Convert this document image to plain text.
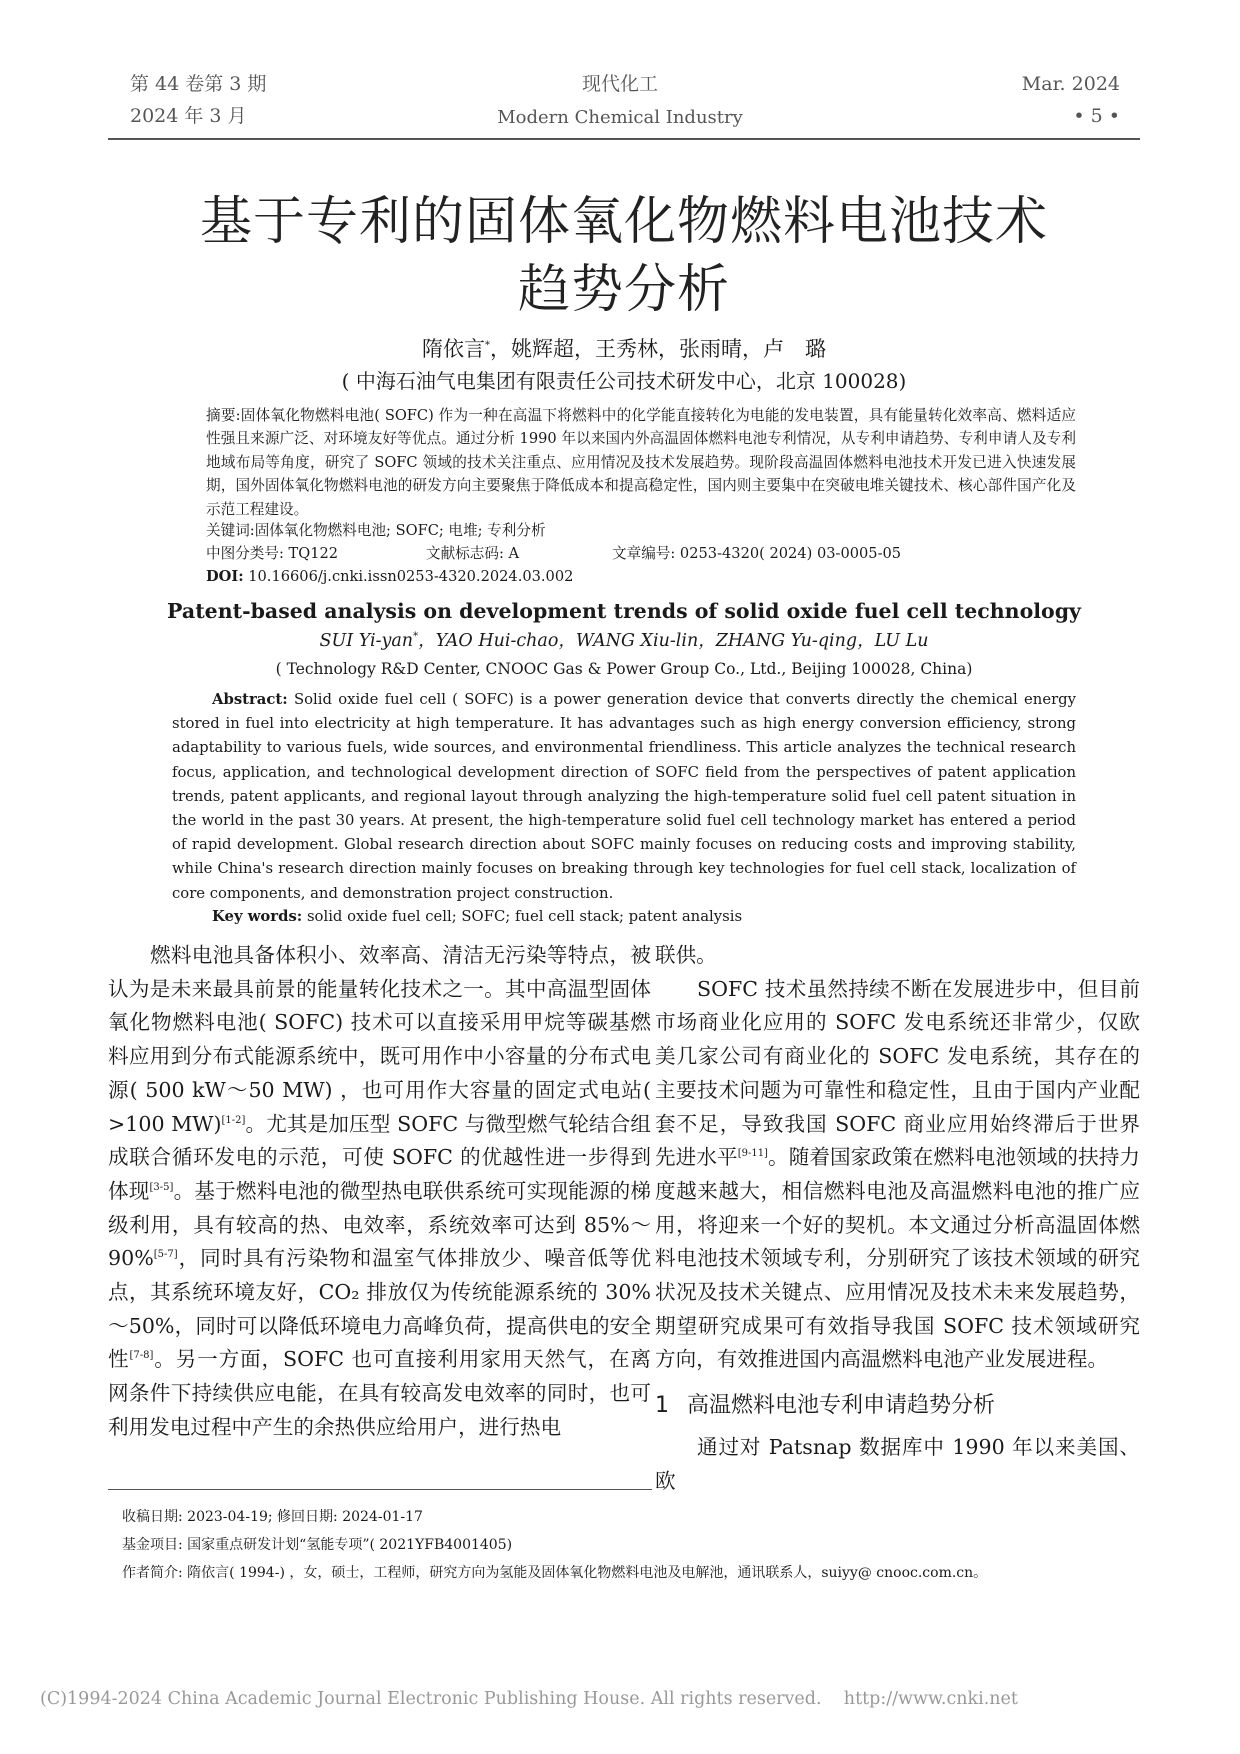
第 44 卷第 3 期
2024 年 3 月
现代化工
Modern Chemical Industry
Mar. 2024
• 5 •
基于专利的固体氧化物燃料电池技术
趋势分析
隋依言*，姚辉超，王秀林，张雨晴，卢　璐
( 中海石油气电集团有限责任公司技术研发中心，北京 100028)
摘要:固体氧化物燃料电池( SOFC) 作为一种在高温下将燃料中的化学能直接转化为电能的发电装置，具有能量转化效率高、燃料适应性强且来源广泛、对环境友好等优点。通过分析 1990 年以来国内外高温固体燃料电池专利情况，从专利申请趋势、专利申请人及专利地域布局等角度，研究了 SOFC 领域的技术关注重点、应用情况及技术发展趋势。现阶段高温固体燃料电池技术开发已进入快速发展期，国外固体氧化物燃料电池的研发方向主要聚焦于降低成本和提高稳定性，国内则主要集中在突破电堆关键技术、核心部件国产化及示范工程建设。
关键词:固体氧化物燃料电池; SOFC; 电堆; 专利分析
中图分类号: TQ122	文献标志码: A	文章编号: 0253-4320( 2024) 03-0005-05
DOI: 10.16606/j.cnki.issn0253-4320.2024.03.002
Patent-based analysis on development trends of solid oxide fuel cell technology
SUI Yi-yan*，YAO Hui-chao，WANG Xiu-lin，ZHANG Yu-qing，LU Lu
( Technology R&D Center, CNOOC Gas & Power Group Co., Ltd., Beijing 100028, China)
Abstract: Solid oxide fuel cell ( SOFC) is a power generation device that converts directly the chemical energy stored in fuel into electricity at high temperature. It has advantages such as high energy conversion efficiency, strong adaptability to various fuels, wide sources, and environmental friendliness. This article analyzes the technical research focus, application, and technological development direction of SOFC field from the perspectives of patent application trends, patent applicants, and regional layout through analyzing the high-temperature solid fuel cell patent situation in the world in the past 30 years. At present, the high-temperature solid fuel cell technology market has entered a period of rapid development. Global research direction about SOFC mainly focuses on reducing costs and improving stability, while China's research direction mainly focuses on breaking through key technologies for fuel cell stack, localization of core components, and demonstration project construction.
Key words: solid oxide fuel cell; SOFC; fuel cell stack; patent analysis

燃料电池具备体积小、效率高、清洁无污染等特点，被认为是未来最具前景的能量转化技术之一。其中高温型固体氧化物燃料电池( SOFC) 技术可以直接采用甲烷等碳基燃料应用到分布式能源系统中，既可用作中小容量的分布式电源( 500 kW～50 MW) ，也可用作大容量的固定式电站( >100 MW)[1-2]。尤其是加压型 SOFC 与微型燃气轮结合组成联合循环发电的示范，可使 SOFC 的优越性进一步得到体现[3-5]。基于燃料电池的微型热电联供系统可实现能源的梯级利用，具有较高的热、电效率，系统效率可达到 85%～90%[5-7]，同时具有污染物和温室气体排放少、噪音低等优点，其系统环境友好，CO₂ 排放仅为传统能源系统的 30%～50%，同时可以降低环境电力高峰负荷，提高供电的安全性[7-8]。另一方面，SOFC 也可直接利用家用天然气，在离网条件下持续供应电能，在具有较高发电效率的同时，也可利用发电过程中产生的余热供应给用户，进行热电

联供。

SOFC 技术虽然持续不断在发展进步中，但目前市场商业化应用的 SOFC 发电系统还非常少，仅欧美几家公司有商业化的 SOFC 发电系统，其存在的主要技术问题为可靠性和稳定性，且由于国内产业配套不足，导致我国 SOFC 商业应用始终滞后于世界先进水平[9-11]。随着国家政策在燃料电池领域的扶持力度越来越大，相信燃料电池及高温燃料电池的推广应用，将迎来一个好的契机。本文通过分析高温固体燃料电池技术领域专利，分别研究了该技术领域的研究状况及技术关键点、应用情况及技术未来发展趋势，期望研究成果可有效指导我国 SOFC 技术领域研究方向，有效推进国内高温燃料电池产业发展进程。

1 高温燃料电池专利申请趋势分析

通过对 Patsnap 数据库中 1990 年以来美国、欧

收稿日期: 2023-04-19; 修回日期: 2024-01-17
基金项目: 国家重点研发计划“氢能专项”( 2021YFB4001405)
作者简介: 隋依言( 1994-) ，女，硕士，工程师，研究方向为氢能及固体氧化物燃料电池及电解池，通讯联系人，suiyy@ cnooc.com.cn。
(C)1994-2024 China Academic Journal Electronic Publishing House. All rights reserved.    http://www.cnki.net
